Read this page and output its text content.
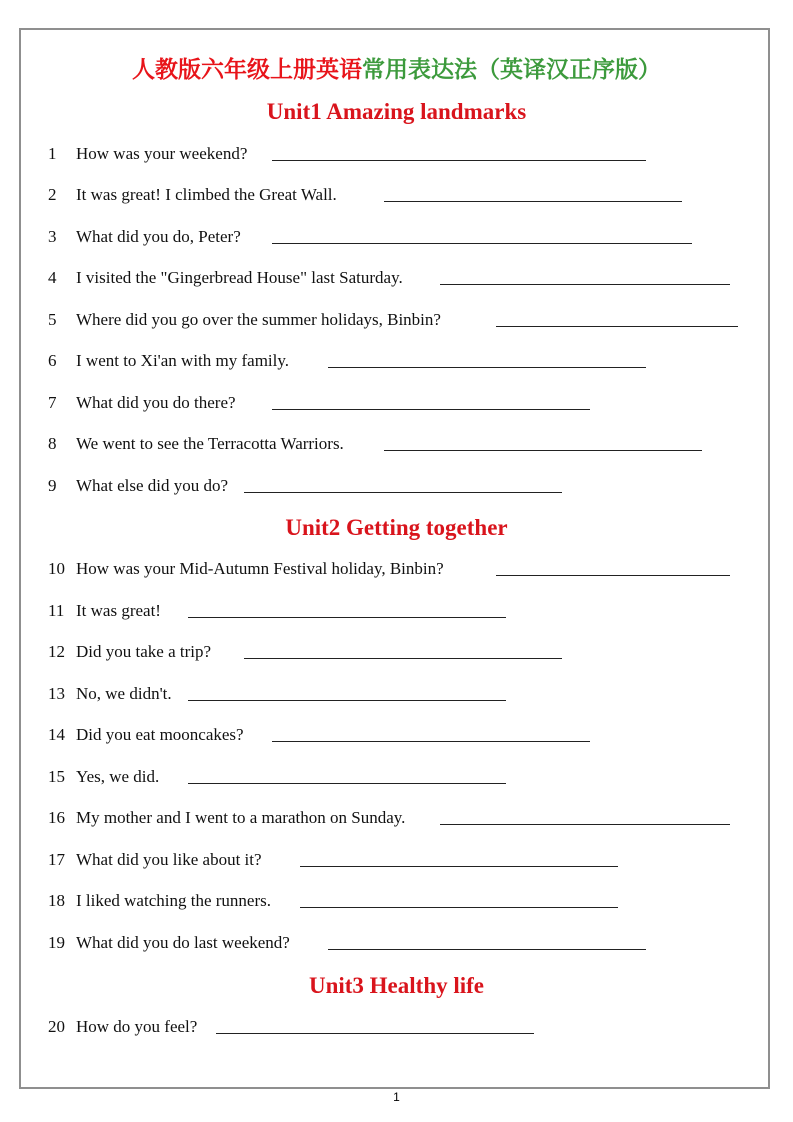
人教版六年级上册英语常用表达法（英译汉正序版）
Unit1 Amazing landmarks
1 How was your weekend?
2 It was great! I climbed the Great Wall.
3 What did you do, Peter?
4 I visited the "Gingerbread House" last Saturday.
5 Where did you go over the summer holidays, Binbin?
6 I went to Xi'an with my family.
7 What did you do there?
8 We went to see the Terracotta Warriors.
9 What else did you do?
Unit2 Getting together
10 How was your Mid-Autumn Festival holiday, Binbin?
11 It was great!
12 Did you take a trip?
13 No, we didn't.
14 Did you eat mooncakes?
15 Yes, we did.
16 My mother and I went to a marathon on Sunday.
17 What did you like about it?
18 I liked watching the runners.
19 What did you do last weekend?
Unit3 Healthy life
20 How do you feel?
1
